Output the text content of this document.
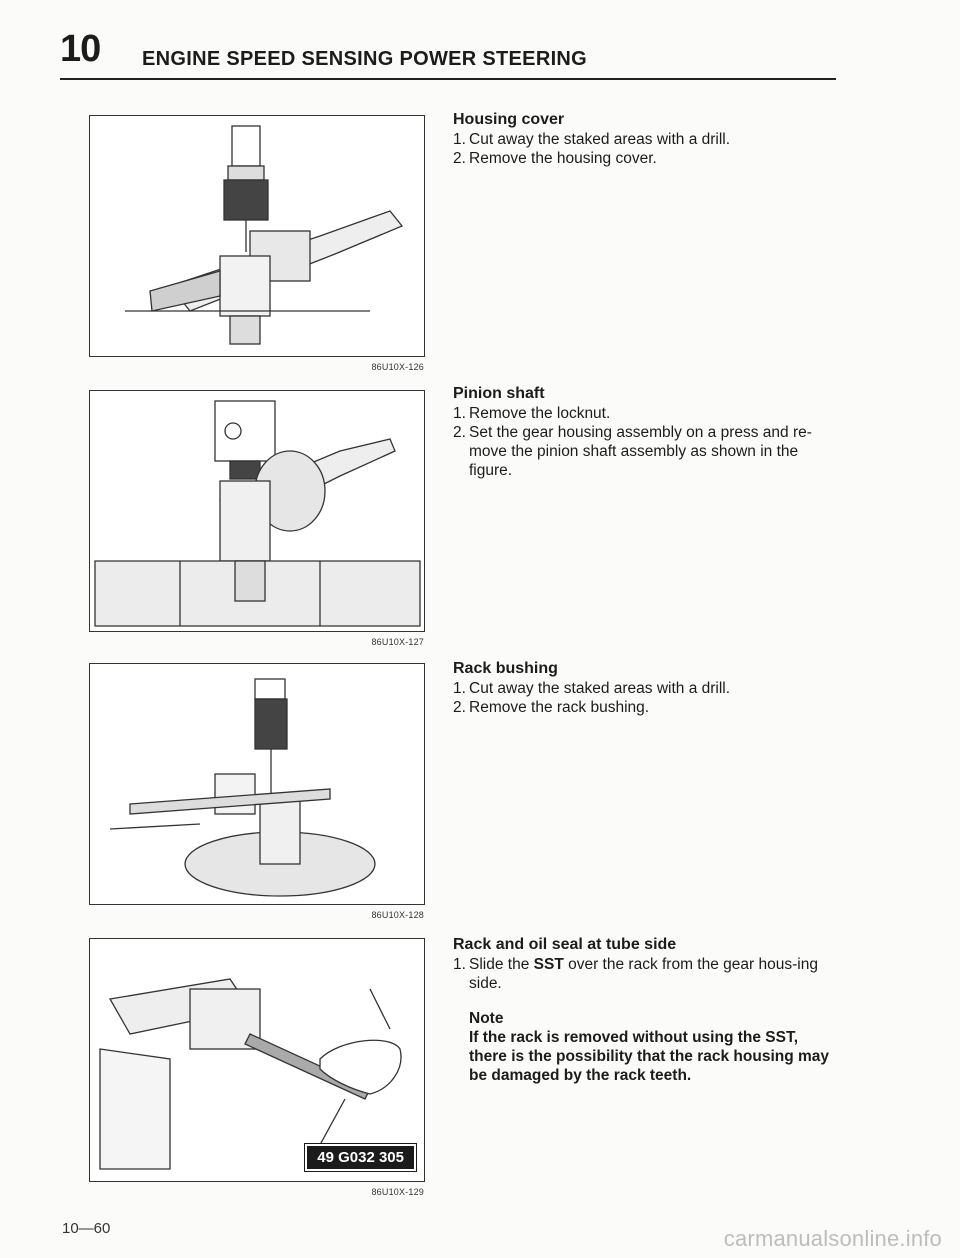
10 ENGINE SPEED SENSING POWER STEERING
86U10X-126
86U10X-127
86U10X-128
49 G032 305
86U10X-129
Housing cover
1. Cut away the staked areas with a drill.
2. Remove the housing cover.
Pinion shaft
1. Remove the locknut.
2. Set the gear housing assembly on a press and re-move the pinion shaft assembly as shown in the figure.
Rack bushing
1. Cut away the staked areas with a drill.
2. Remove the rack bushing.
Rack and oil seal at tube side
1. Slide the SST over the rack from the gear hous-ing side.
Note
If the rack is removed without using the SST, there is the possibility that the rack housing may be damaged by the rack teeth.
10—60	carmanualsonline.info
